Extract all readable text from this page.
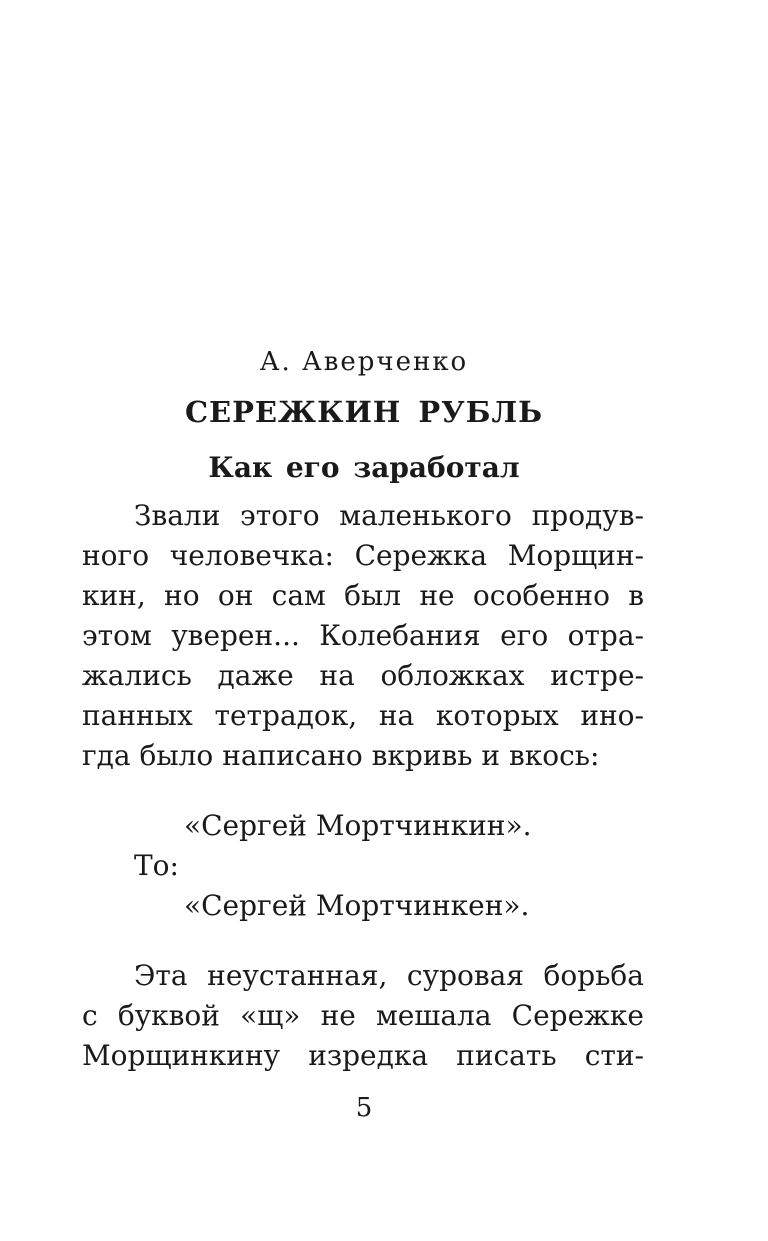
А. Аверченко
СЕРЕЖКИН РУБЛЬ
Как его заработал

Звали этого маленького продув-
ного человечка: Сережка Морщин-
кин, но он сам был не особенно в
этом уверен... Колебания его отра-
жались даже на обложках истре-
панных тетрадок, на которых ино-
гда было написано вкривь и вкось:

«Сергей Мортчинкин».
То:
«Сергей Мортчинкен».

Эта неустанная, суровая борьба
с буквой «щ» не мешала Сережке
Морщинкину изредка писать сти-

5
